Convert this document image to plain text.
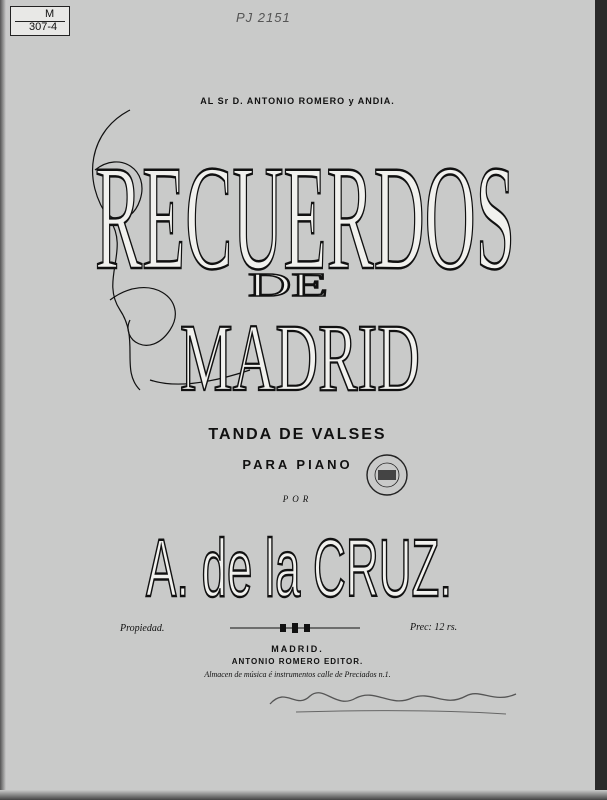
M
307-4
PJ 2151
AL Sr D. ANTONIO ROMERO y ANDIA.
RECUERDOS
DE
MADRID
TANDA DE VALSES
PARA PIANO
POR
A. de la CRUZ.
Propiedad.	Prec: 12 rs.
MADRID.
ANTONIO ROMERO EDITOR.
Almacen de música é instrumentos calle de Preciados n.1.
